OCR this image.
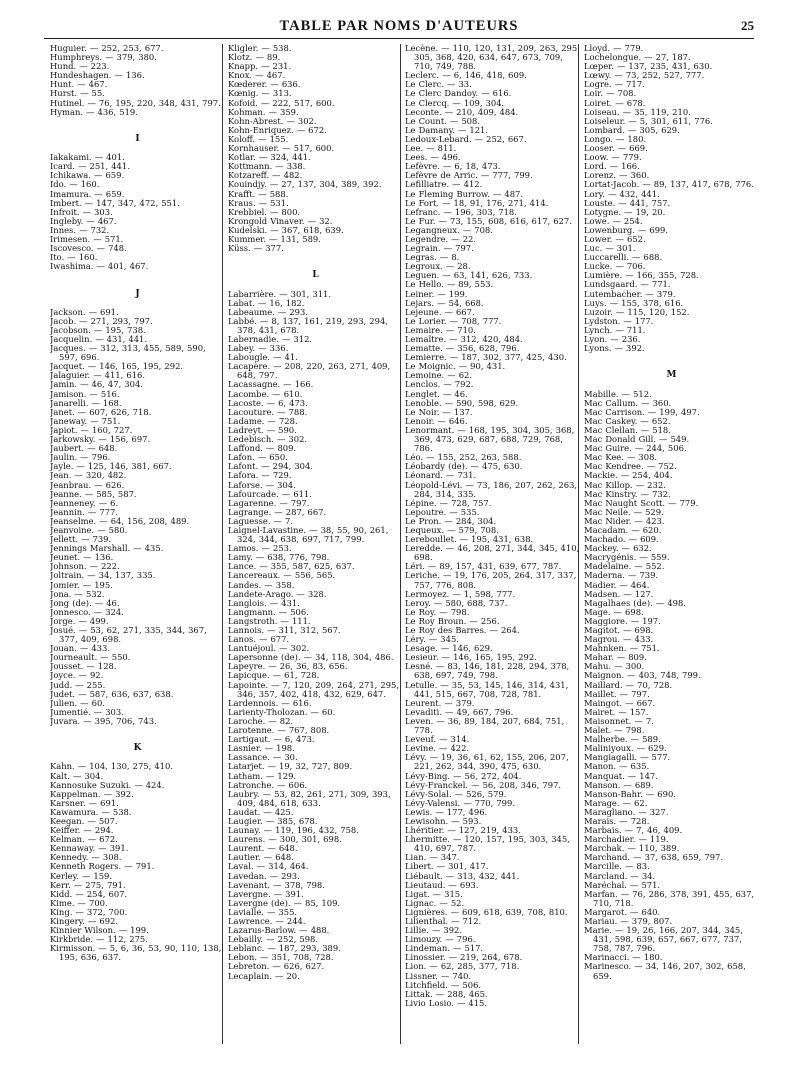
TABLE PAR NOMS D'AUTEURS	25

Huguier. — 252, 253, 677.

Humphreys. — 379, 380.

Hund. — 223.

Hundeshagen. — 136.

Hunt. — 467.

Hurst. — 55.

Hutinel. — 76, 195, 220, 348, 431, 797.

Hyman. — 436, 519.

I

Iakakami. — 401.

Icard. — 251, 441.

Ichikawa. — 659.

Ido. — 160.

Imamura. — 659.

Imbert. — 147, 347, 472, 551.

Infroit. — 303.

Ingleby. — 467.

Innes. — 732.

Irimesen. — 571.

Iscovesco. — 748.

Ito. — 160.

Iwashima. — 401, 467.

J

Jackson. — 691.

Jacob. — 271, 293, 797.

Jacobson. — 195, 738.

Jacquelin. — 431, 441.

Jacques. — 312, 313, 455, 589, 590, 597, 696.

Jacquet. — 146, 165, 195, 292.

Jalaguier. — 411, 616.

Jamin. — 46, 47, 304.

Jamison. — 516.

Janarelli. — 168.

Janet. — 607, 626, 718.

Janeway. — 751.

Japiot. — 160, 727.

Jarkowsky. — 156, 697.

Jaubert. — 648.

Jaulin. — 796.

Jayle. — 125, 146, 381, 667.

Jean. — 320, 482.

Jeanbrau. — 626.

Jeanne. — 585, 587.

Jeanneney. — 6.

Jeannin. — 777.

Jeanselme. — 64, 156, 208, 489.

Jeanvoine. — 580.

Jellett. — 739.

Jennings Marshall. — 435.

Jeunet. — 136.

Johnson. — 222.

Joltrain. — 34, 137, 335.

Jomier. — 195.

Jona. — 532.

Jong (de). — 46.

Jonnesco. — 324.

Jorge. — 499.

Josué. — 53, 62, 271, 335, 344, 367, 377, 409, 698.

Jouan. — 433.

Journeault. — 550.

Jousset. — 128.

Joyce. — 92.

Judd. — 255.

Judet. — 587, 636, 637, 638.

Julien. — 60.

Jumentié. — 303.

Juvara. — 395, 706, 743.

K

Kahn. — 104, 130, 275, 410.

Kalt. — 304.

Kannosuke Suzuki. — 424.

Kappelman. — 392.

Karsner. — 691.

Kawamura. — 538.

Keegan. — 507.

Keiffer. — 294.

Kelman. — 672.

Kennaway. — 391.

Kennedy. — 308.

Kenneth Rogers. — 791.

Kerley. — 159.

Kerr. — 275, 791.

Kidd. — 254, 607.

Kime. — 700.

King. — 372, 700.

Kingery. — 692.

Kinnier Wilson. — 199.

Kirkbride. — 112, 275.

Kirmisson. — 5, 6, 36, 53, 90, 110, 138, 195, 636, 637.

Kligler. — 538.

Klotz. — 89.

Knapp. — 231.

Knox. — 467.

Kœderer. — 636.

Kœnig. — 313.

Kofoid. — 222, 517, 600.

Kohman. — 359.

Kohn-Abrest. — 302.

Kohn-Enriquez. — 672.

Koloff. — 155.

Kornhauser. — 517, 600.

Kotlar. — 324, 441.

Kottmann. — 338.

Kotzareff. — 482.

Kouindjy. — 27, 137, 304, 389, 392.

Krafft. — 588.

Kraus. — 531.

Krebbiel. — 800.

Krongold Vinaver. — 32.

Kudelski. — 367, 618, 639.

Kummer. — 131, 589.

Küss. — 377.

L

Labarrière. — 301, 311.

Labat. — 16, 182.

Labeaume. — 293.

Labbé. — 8, 137, 161, 219, 293, 294, 378, 431, 678.

Labernadie. — 312.

Labey. — 336.

Labougle. — 41.

Lacapère. — 208, 220, 263, 271, 409, 648, 797.

Lacassagne. — 166.

Lacombe. — 610.

Lacoste. — 6, 473.

Lacouture. — 788.

Ladame. — 728.

Ladreyt. — 590.

Ledebisch. — 302.

Laffond. — 809.

Lafon. — 650.

Lafont. — 294, 304.

Lafora. — 729.

Laforse. — 304.

Lafourcade. — 611.

Lagarenne. — 797.

Lagrange. — 287, 667.

Laguesse. — 7.

Laignel-Lavastine. — 38, 55, 90, 261, 324, 344, 638, 697, 717, 799.

Lamos. — 253.

Lamy. — 638, 776, 798.

Lance. — 355, 587, 625, 637.

Lancereaux. — 556, 565.

Landes. — 358.

Landete-Arago. — 328.

Langlois. — 431.

Langmann. — 506.

Langstroth. — 111.

Lannois. — 311, 312, 567.

Lanos. — 677.

Lantuéjoul. — 302.

Lapersonne (de). — 34, 118, 304, 486.

Lapeyre. — 26, 36, 83, 656.

Lapicque. — 61, 728.

Lapointe. — 7, 120, 209, 264, 271, 295, 346, 357, 402, 418, 432, 629, 647.

Lardennois. — 616.

Larienty-Tholozan. — 60.

Laroche. — 82.

Larotenne. — 767, 808.

Lartigaut. — 6, 473.

Lasnier. — 198.

Lassance. — 30.

Latarjet. — 19, 32, 727, 809.

Latham. — 129.

Latronche. — 606.

Laubry. — 53, 82, 261, 271, 309, 393, 409, 484, 618, 633.

Laudat. — 425.

Laugier. — 385, 678.

Launay. — 119, 196, 432, 758.

Laurens. — 300, 301, 698.

Laurent. — 648.

Lautier. — 648.

Laval. — 314, 464.

Lavedan. — 293.

Lavenant. — 378, 798.

Lavergne. — 391.

Lavergne (de). — 85, 109.

Lavialle. — 355.

Lawrence. — 244.

Lazarus-Barlow. — 488.

Lebailly. — 252, 598.

Leblanc. — 187, 293, 389.

Lebon. — 351, 708, 728.

Lebreton. — 626, 627.

Lecaplain. — 20.

Lecène. — 110, 120, 131, 209, 263, 295, 305, 368, 420, 634, 647, 673, 709, 710, 749, 788.

Leclerc. — 6, 146, 418, 609.

Le Clerc. — 33.

Le Clerc Dandoy. — 616.

Le Clercq. — 109, 304.

Leconte. — 210, 409, 484.

Le Count. — 508.

Le Damany. — 121.

Ledoux-Lebard. — 252, 667.

Lee. — 811.

Lees. — 496.

Lefèvre. — 6, 18, 473.

Lefèvre de Arric. — 777, 799.

Lefilliatre. — 412.

Le Fleming Burrow. — 487.

Le Fort. — 18, 91, 176, 271, 414.

Lefranc. — 196, 303, 718.

Le Fur. — 73, 155, 608, 616, 617, 627.

Legangneux. — 708.

Legendre. — 22.

Legrain. — 797.

Legras. — 8.

Legroux. — 28.

Leguen. — 63, 141, 626, 733.

Le Hello. — 89, 553.

Leiner. — 199.

Lejars. — 54, 668.

Lejeune. — 667.

Le Lorier. — 708, 777.

Lemaire. — 710.

Lemaître. — 312, 420, 484.

Lematte. — 356, 628, 796.

Lemierre. — 187, 302, 377, 425, 430.

Le Moignic. — 90, 431.

Lemoine. — 62.

Lenclos. — 792.

Lenglet. — 46.

Lenoble. — 590, 598, 629.

Le Noir. — 137.

Lenoir. — 646.

Lenormant. — 168, 195, 304, 305, 368, 369, 473, 629, 687, 688, 729, 768, 786.

Léo. — 155, 252, 263, 588.

Léobardy (de). — 475, 630.

Léonard. — 731.

Léopold-Lévi. — 73, 186, 207, 262, 263, 284, 314, 335.

Lépine. — 728, 757.

Lepoutre. — 535.

Le Pron. — 284, 304.

Lequeux. — 579, 708.

Lereboullet. — 195, 431, 638.

Leredde. — 46, 208, 271, 344, 345, 410, 698.

Léri. — 89, 157, 431, 639, 677, 787.

Leriche. — 19, 176, 205, 264, 317, 337, 757, 776, 808.

Lermoyez. — 1, 598, 777.

Leroy. — 580, 688, 737.

Le Roy. — 798.

Le Roy Broun. — 256.

Le Roy des Barres. — 264.

Léry. — 345.

Lesage. — 146, 629.

Lesieur. — 146, 165, 195, 292.

Lesné. — 83, 146, 181, 228, 294, 378, 638, 697, 749, 798.

Letulle. — 35, 53, 145, 146, 314, 431, 441, 515, 667, 708, 728, 781.

Leurent. — 379.

Levaditi. — 49, 667, 796.

Leven. — 36, 89, 184, 207, 684, 751, 778.

Leveuf. — 314.

Levine. — 422.

Lévy. — 19, 36, 61, 62, 155, 206, 207, 221, 262, 344, 390, 475, 630.

Lévy-Bing. — 56, 272, 404.

Lévy-Franckel. — 56, 208, 346, 797.

Lévy-Solal. — 526, 579.

Lévy-Valensi. — 770, 799.

Lewis. — 177, 496.

Lewisohn. — 593.

Lhéritier. — 127, 219, 433.

Lhermitte. — 120, 157, 195, 303, 345, 410, 697, 787.

Lian. — 347.

Libert. — 301, 417.

Liébault. — 313, 432, 441.

Lieutaud. — 693.

Ligat. — 315.

Lignac. — 52.

Lignières. — 609, 618, 639, 708, 810.

Lilienthal. — 712.

Lillie. — 392.

Limouzy. — 796.

Lindeman. — 517.

Linossier. — 219, 264, 678.

Lion. — 62, 285, 377, 718.

Lissner. — 740.

Litchfield. — 506.

Littak. — 288, 465.

Livio Losio. — 415.

Lloyd. — 779.

Lochelongue. — 27, 187.

Lœper. — 137, 235, 431, 630.

Lœwy. — 73, 252, 527, 777.

Logre. — 717.

Loir. — 708.

Loiret. — 678.

Loiseau. — 35, 119, 210.

Loiseleur. — 5, 301, 611, 776.

Lombard. — 305, 629.

Longo. — 180.

Looser. — 669.

Loow. — 779.

Lord. — 166.

Lorenz. — 360.

Lortat-Jacob. — 89, 137, 417, 678, 776.

Lory. — 432, 441.

Louste. — 441, 757.

Lotygne. — 19, 20.

Lowe. — 254.

Lowenburg. — 699.

Lower. — 652.

Luc. — 301.

Luccarelli. — 688.

Lucke. — 706.

Lumière. — 166, 355, 728.

Lundsgaard. — 771.

Lutembacher. — 379.

Luys. — 155, 378, 616.

Luzoir. — 115, 120, 152.

Lydston. — 177.

Lynch. — 711.

Lyon. — 236.

Lyons. — 392.

M

Mabille. — 512.

Mac Callum. — 360.

Mac Carrison. — 199, 497.

Mac Caskey. — 652.

Mac Clellan. — 518.

Mac Donald Gill. — 549.

Mac Guire. — 244, 506.

Mac Kee. — 308.

Mac Kendree. — 752.

Mackie. — 254, 404.

Mac Killop. — 232.

Mac Kinstry. — 732.

Mac Naught Scott. — 779.

Mac Neile. — 529.

Mac Nider. — 423.

Macadam. — 620.

Machado. — 609.

Mackey. — 632.

Macrygénis. — 559.

Madelaine. — 552.

Maderna. — 739.

Madier. — 464.

Madsen. — 127.

Magalhaes (de). — 498.

Mage. — 698.

Maggiore. — 197.

Magitot. — 698.

Magrou. — 433.

Mahnken. — 751.

Mahar. — 809.

Mahu. — 300.

Maignon. — 403, 748, 799.

Maillard. — 70, 728.

Maillet. — 797.

Maingot. — 667.

Mairet. — 157.

Maisonnet. — 7.

Malet. — 798.

Malherbe. — 589.

Maliniyoux. — 629.

Mangiagalli. — 577.

Manon. — 635.

Manquat. — 147.

Manson. — 689.

Manson-Bahr. — 690.

Marage. — 62.

Maragliano. — 327.

Marais. — 728.

Marbais. — 7, 46, 409.

Marchadier. — 119.

Marchak. — 110, 389.

Marchand. — 37, 638, 659, 797.

Marcille. — 83.

Marcland. — 34.

Maréchal. — 571.

Marfan. — 76, 286, 378, 391, 455, 637, 710, 718.

Margarot. — 640.

Mariau. — 379, 807.

Marie. — 19, 26, 166, 207, 344, 345, 431, 598, 639, 657, 667, 677, 737, 758, 787, 796.

Marinacci. — 180.

Marinesco. — 34, 146, 207, 302, 658, 659.
